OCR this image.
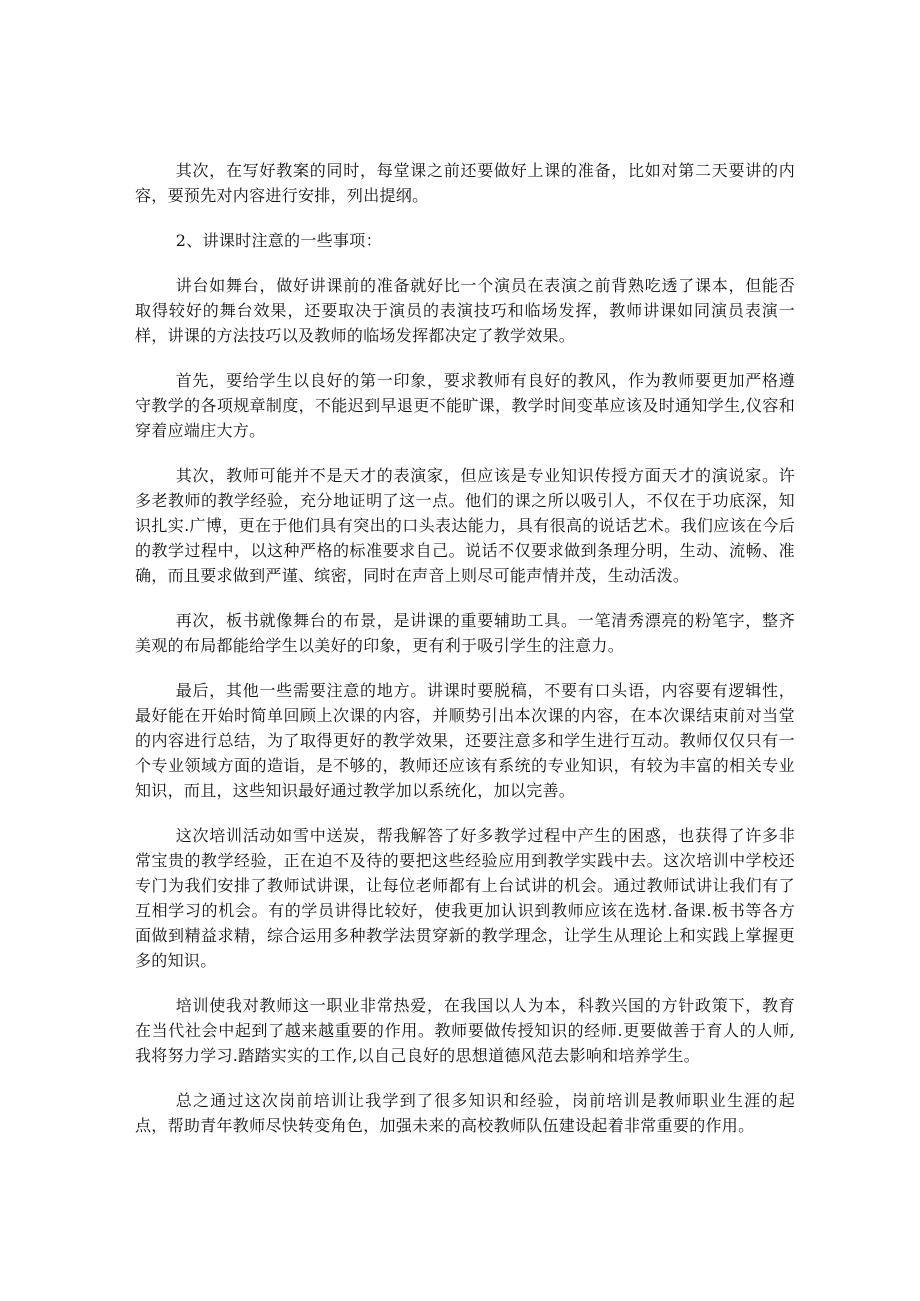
其次，在写好教案的同时，每堂课之前还要做好上课的准备，比如对第二天要讲的内容，要预先对内容进行安排，列出提纲。

2、讲课时注意的一些事项：

讲台如舞台，做好讲课前的准备就好比一个演员在表演之前背熟吃透了课本，但能否取得较好的舞台效果，还要取决于演员的表演技巧和临场发挥，教师讲课如同演员表演一样，讲课的方法技巧以及教师的临场发挥都决定了教学效果。

首先，要给学生以良好的第一印象，要求教师有良好的教风，作为教师要更加严格遵守教学的各项规章制度，不能迟到早退更不能旷课，教学时间变革应该及时通知学生,仪容和穿着应端庄大方。

其次，教师可能并不是天才的表演家，但应该是专业知识传授方面天才的演说家。许多老教师的教学经验，充分地证明了这一点。他们的课之所以吸引人，不仅在于功底深，知识扎实.广博，更在于他们具有突出的口头表达能力，具有很高的说话艺术。我们应该在今后的教学过程中，以这种严格的标准要求自己。说话不仅要求做到条理分明，生动、流畅、准确，而且要求做到严谨、缤密，同时在声音上则尽可能声情并茂，生动活泼。

再次，板书就像舞台的布景，是讲课的重要辅助工具。一笔清秀漂亮的粉笔字，整齐美观的布局都能给学生以美好的印象，更有利于吸引学生的注意力。

最后，其他一些需要注意的地方。讲课时要脱稿，不要有口头语，内容要有逻辑性，最好能在开始时简单回顾上次课的内容，并顺势引出本次课的内容，在本次课结束前对当堂的内容进行总结，为了取得更好的教学效果，还要注意多和学生进行互动。教师仅仅只有一个专业领域方面的造诣，是不够的，教师还应该有系统的专业知识，有较为丰富的相关专业知识，而且，这些知识最好通过教学加以系统化，加以完善。

这次培训活动如雪中送炭，帮我解答了好多教学过程中产生的困惑，也获得了许多非常宝贵的教学经验，正在迫不及待的要把这些经验应用到教学实践中去。这次培训中学校还专门为我们安排了教师试讲课，让每位老师都有上台试讲的机会。通过教师试讲让我们有了互相学习的机会。有的学员讲得比较好，使我更加认识到教师应该在选材.备课.板书等各方面做到精益求精，综合运用多种教学法贯穿新的教学理念，让学生从理论上和实践上掌握更多的知识。

培训使我对教师这一职业非常热爱，在我国以人为本，科教兴国的方针政策下，教育在当代社会中起到了越来越重要的作用。教师要做传授知识的经师.更要做善于育人的人师,我将努力学习.踏踏实实的工作,以自己良好的思想道德风范去影响和培养学生。

总之通过这次岗前培训让我学到了很多知识和经验，岗前培训是教师职业生涯的起点，帮助青年教师尽快转变角色，加强未来的高校教师队伍建设起着非常重要的作用。
